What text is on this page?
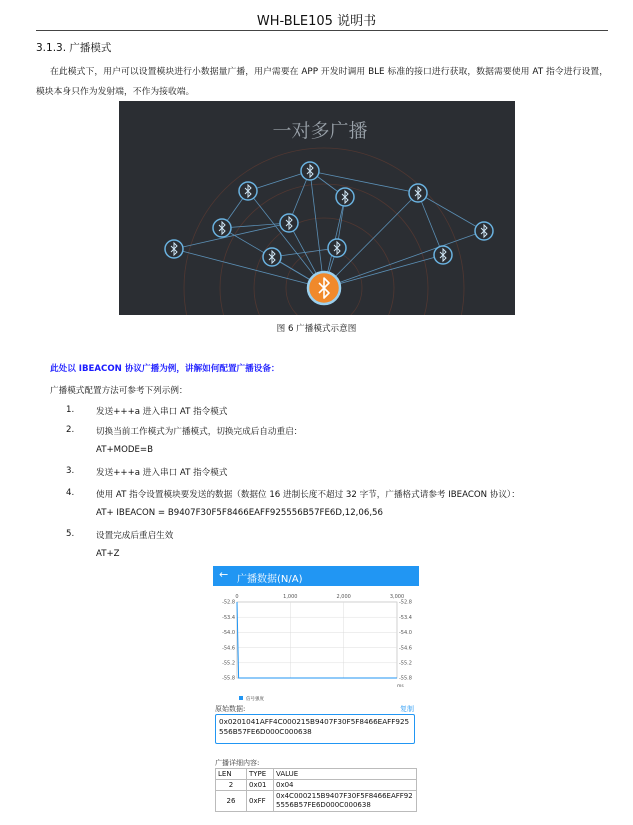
WH-BLE105 说明书
3.1.3. 广播模式
在此模式下，用户可以设置模块进行小数据量广播，用户需要在 APP 开发时调用 BLE 标准的接口进行获取，数据需要使用 AT 指令进行设置，模块本身只作为发射端，不作为接收端。
一对多广播
图 6 广播模式示意图
此处以 IBEACON 协议广播为例，讲解如何配置广播设备：
广播模式配置方法可参考下列示例：
1.	发送+++a 进入串口 AT 指令模式
2.	切换当前工作模式为广播模式，切换完成后自动重启：
AT+MODE=B
3.	发送+++a 进入串口 AT 指令模式
4.	使用 AT 指令设置模块要发送的数据（数据位 16 进制长度不超过 32 字节，广播格式请参考 IBEACON 协议）：
AT+ IBEACON = B9407F30F5F8466EAFF925556B57FE6D,12,06,56
5.	设置完成后重启生效
AT+Z
← 广播数据(N/A)
0	1,000	2,000	3,000
-52.8	-52.8
-53.4	-53.4
-54.0	-54.0
-54.6	-54.6
-55.2	-55.2
-55.8	-55.8
ms
信号强度
原始数据:	复制
0x0201041AFF4C000215B9407F30F5F8466EAFF925556B57FE6D000C000638
广播详细内容:
LEN	TYPE	VALUE
2	0x01	0x04
26	0xFF	0x4C000215B9407F30F5F8466EAFF925556B57FE6D000C000638
